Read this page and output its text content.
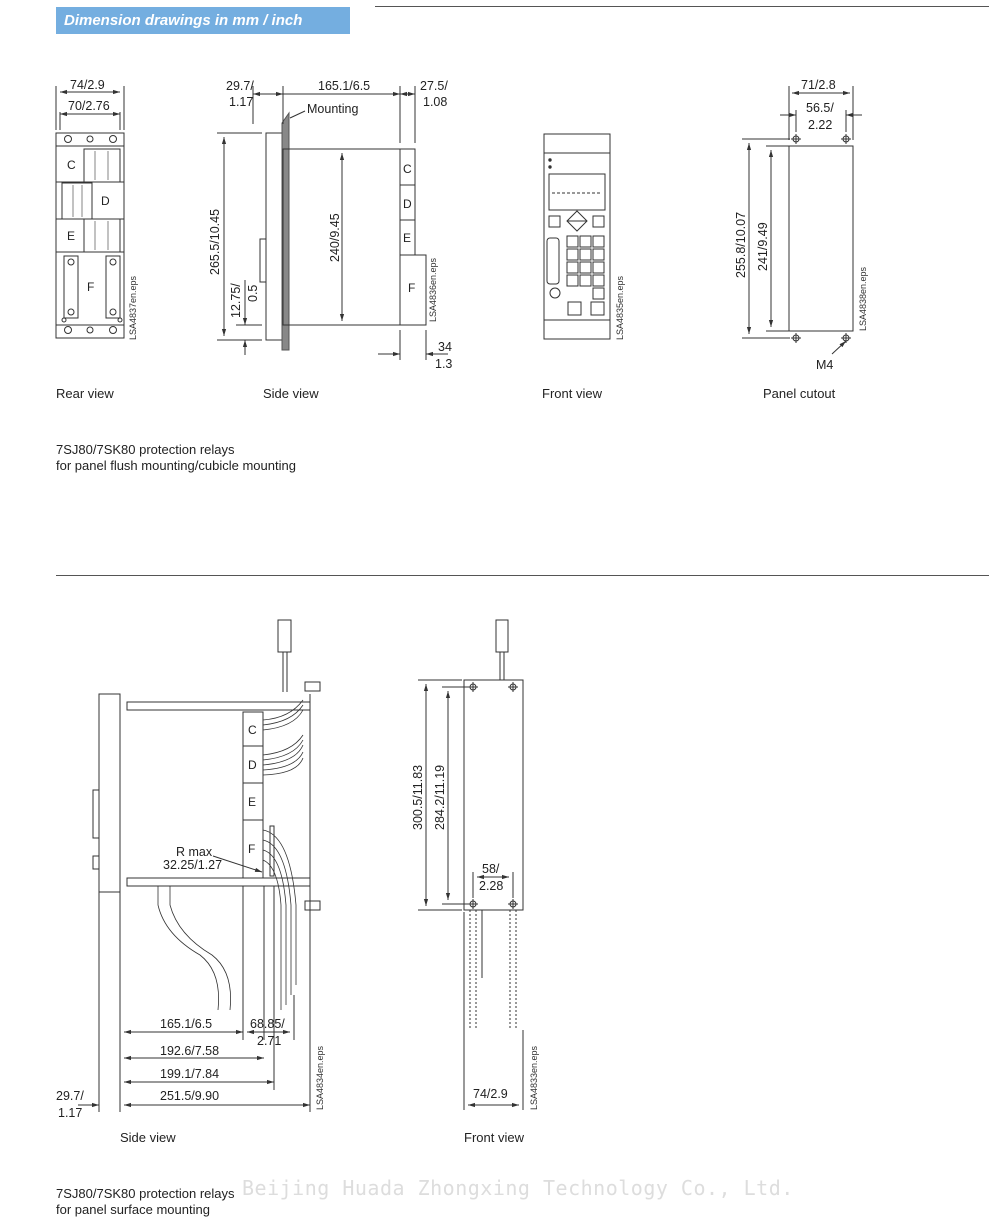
Dimension drawings in mm / inch
74/2.9
70/2.76
C
D
E
F	LSA4837en.eps
29.7/
1.17
165.1/6.5	27.5/
1.08
Mounting
265.5/10.45	240/9.45
12.75/ 0.5
34
1.3
C
D
E
F LSA4836en.eps	LSA4835en.eps
71/2.8
56.5/
2.22
255.8/10.07 241/9.49
M4
LSA4838en.eps
C
D
E
F
R max
32.25/1.27
165.1/6.5	68.85/
2.71
192.6/7.58
199.1/7.84
251.5/9.90
29.7/
1.17
LSA4834en.eps
300.5/11.83 284.2/11.19
58/
2.28
74/2.9 LSA4833en.eps
Rear view	Side view	Front view	Panel cutout
7SJ80/7SK80 protection relays
for panel flush mounting/cubicle mounting
Side view	Front view
7SJ80/7SK80 protection relays
for panel surface mounting
Beijing Huada Zhongxing Technology Co., Ltd.
